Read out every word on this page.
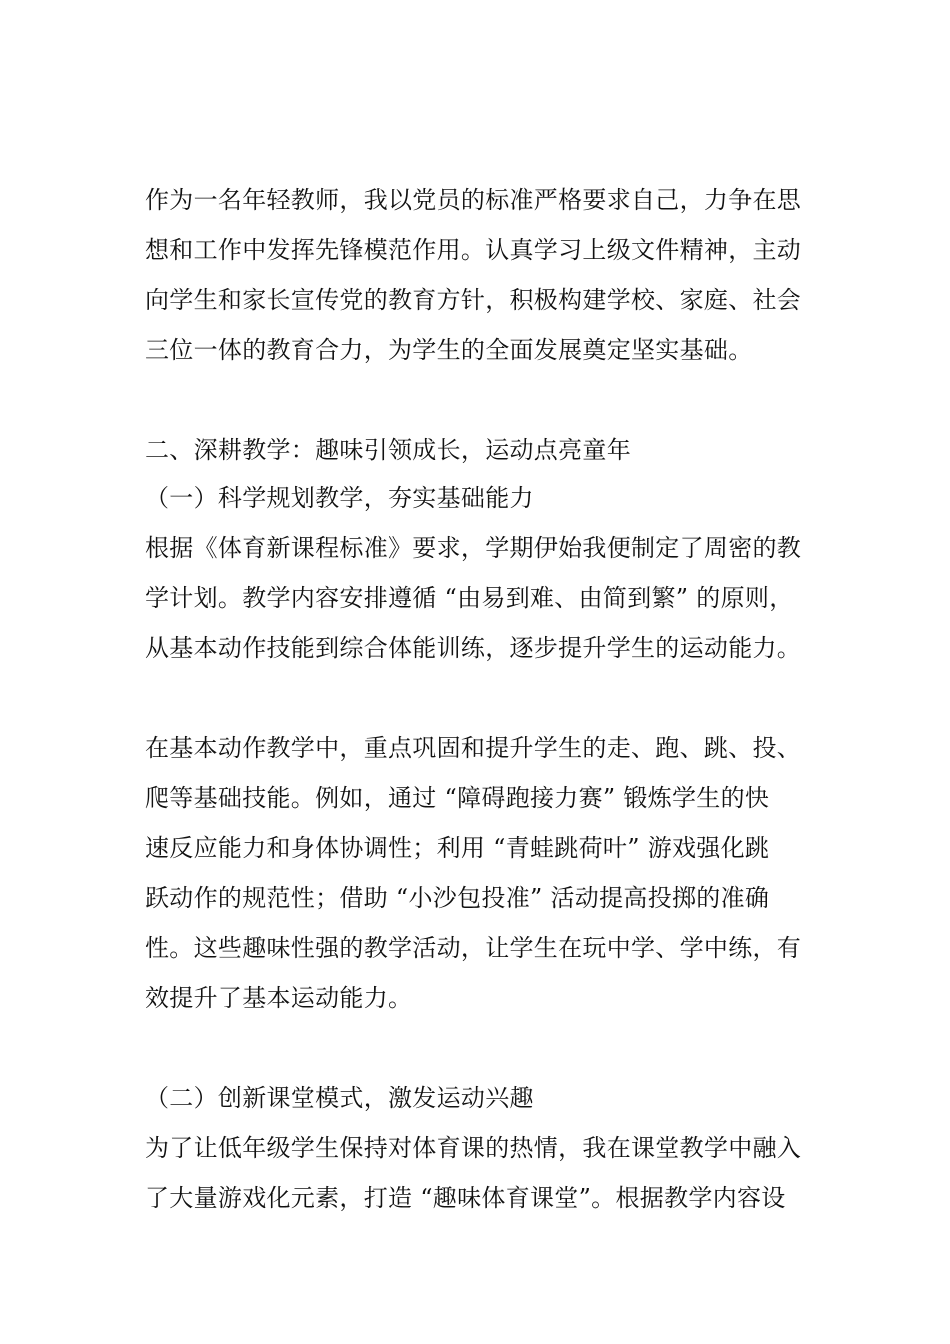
作为一名年轻教师，我以党员的标准严格要求自己，力争在思

想和工作中发挥先锋模范作用。认真学习上级文件精神，主动

向学生和家长宣传党的教育方针，积极构建学校、家庭、社会

三位一体的教育合力，为学生的全面发展奠定坚实基础。

二、深耕教学：趣味引领成长，运动点亮童年

（一）科学规划教学，夯实基础能力

根据《体育新课程标准》要求，学期伊始我便制定了周密的教

学计划。教学内容安排遵循 “由易到难、由简到繁” 的原则，

从基本动作技能到综合体能训练，逐步提升学生的运动能力。

在基本动作教学中，重点巩固和提升学生的走、跑、跳、投、

爬等基础技能。例如，通过 “障碍跑接力赛” 锻炼学生的快

速反应能力和身体协调性；利用 “青蛙跳荷叶” 游戏强化跳

跃动作的规范性；借助 “小沙包投准” 活动提高投掷的准确

性。这些趣味性强的教学活动，让学生在玩中学、学中练，有

效提升了基本运动能力。

（二）创新课堂模式，激发运动兴趣

为了让低年级学生保持对体育课的热情，我在课堂教学中融入

了大量游戏化元素，打造 “趣味体育课堂”。根据教学内容设
